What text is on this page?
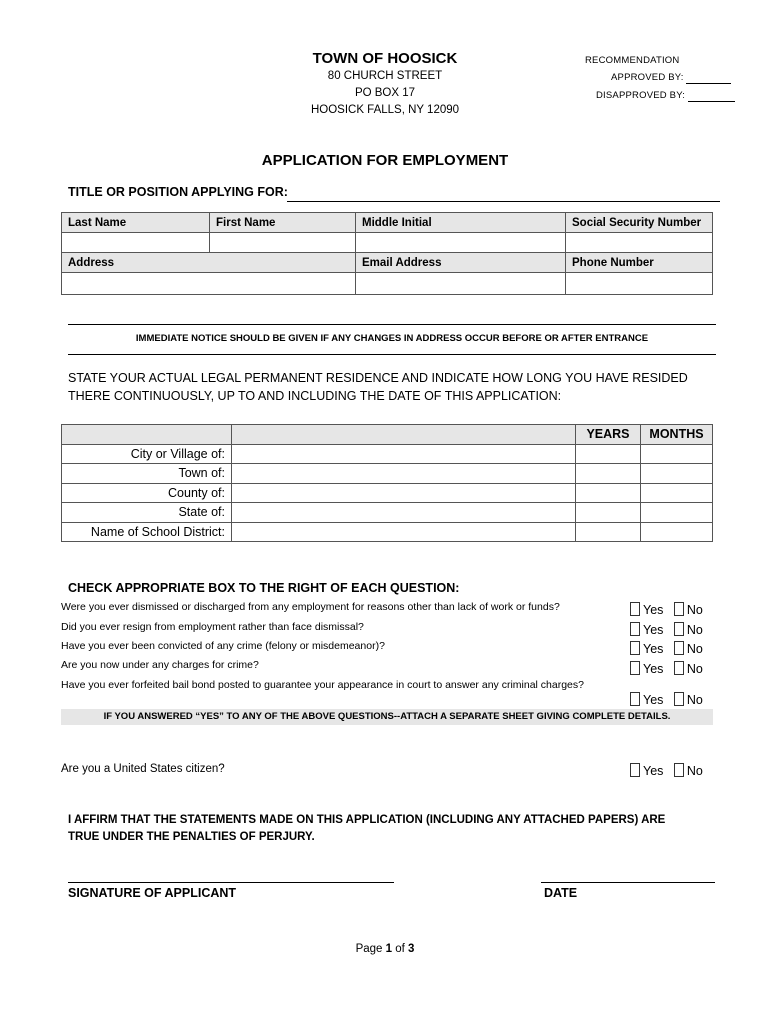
TOWN OF HOOSICK
80 CHURCH STREET
PO BOX 17
HOOSICK FALLS, NY 12090
RECOMMENDATION
APPROVED BY:
DISAPPROVED BY:
APPLICATION FOR EMPLOYMENT
TITLE OR POSITION APPLYING FOR:
Last Name	First Name	Middle Initial	Social Security Number

Address		Email Address	Phone Number

IMMEDIATE NOTICE SHOULD BE GIVEN IF ANY CHANGES IN ADDRESS OCCUR BEFORE OR AFTER ENTRANCE
STATE YOUR ACTUAL LEGAL PERMANENT RESIDENCE AND INDICATE HOW LONG YOU HAVE RESIDED THERE CONTINUOUSLY, UP TO AND INCLUDING THE DATE OF THIS APPLICATION:
		YEARS	MONTHS
City or Village of:			
Town of:			
County of:			
State of:			
Name of School District:			
CHECK APPROPRIATE BOX TO THE RIGHT OF EACH QUESTION:
Were you ever dismissed or discharged from any employment for reasons other than lack of work or funds?	Yes No
Did you ever resign from employment rather than face dismissal?	Yes No
Have you ever been convicted of any crime (felony or misdemeanor)?	Yes No
Are you now under any charges for crime?	Yes No
Have you ever forfeited bail bond posted to guarantee your appearance in court to answer any criminal charges?
Yes No
IF YOU ANSWERED “YES” TO ANY OF THE ABOVE QUESTIONS--ATTACH A SEPARATE SHEET GIVING COMPLETE DETAILS.
Are you a United States citizen?	Yes No
I AFFIRM THAT THE STATEMENTS MADE ON THIS APPLICATION (INCLUDING ANY ATTACHED PAPERS) ARE TRUE UNDER THE PENALTIES OF PERJURY.
SIGNATURE OF APPLICANT	DATE
Page 1 of 3
